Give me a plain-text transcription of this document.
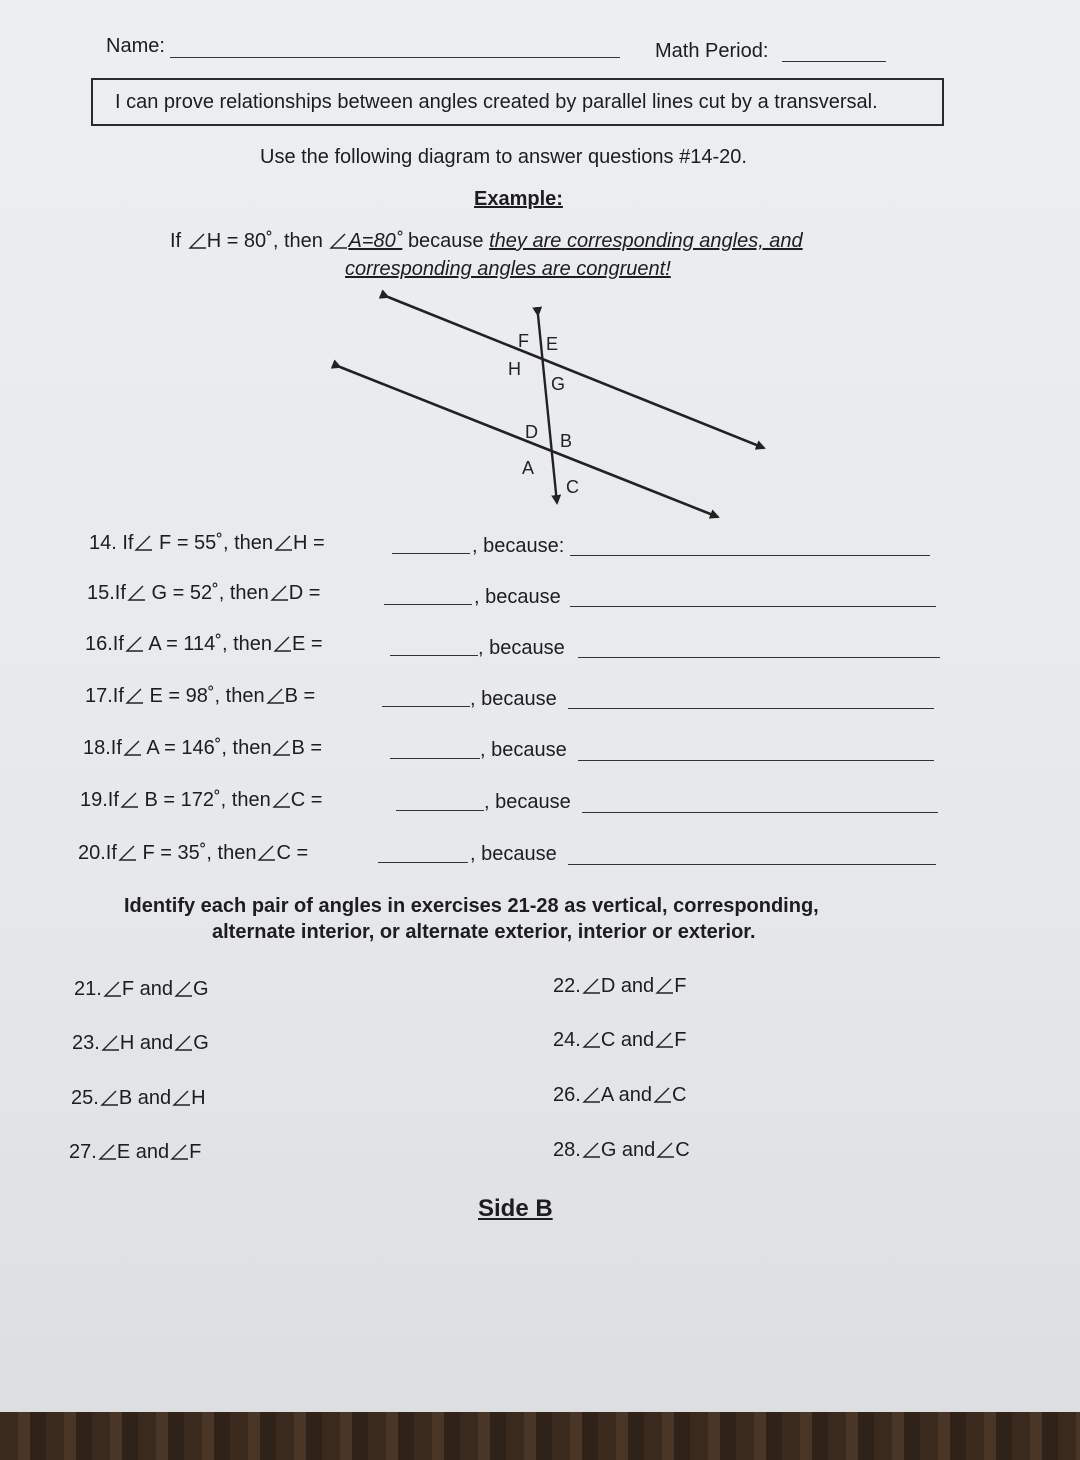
Name:	Math Period:
I can prove relationships between angles created by parallel lines cut by a transversal.
Use the following diagram to answer questions #14-20.
Example:
If H = 80˚, then A=80˚ because they are corresponding angles, and
corresponding angles are congruent!
F E
H
G
D B
A
C
14. If F = 55˚, then H =	, because:
15.If G = 52˚, then D =	, because
16.If A = 114˚, then E =	, because
17.If E = 98˚, then B =	, because
18.If A = 146˚, then B =	, because
19.If B = 172˚, then C =	, because
20.If F = 35˚, then C =	, because
Identify each pair of angles in exercises 21-28 as vertical, corresponding,
alternate interior, or alternate exterior, interior or exterior.
21. F and G	22. D and F
23. H and G	24. C and F
25. B and H	26. A and C
27. E and F	28. G and C
Side B
